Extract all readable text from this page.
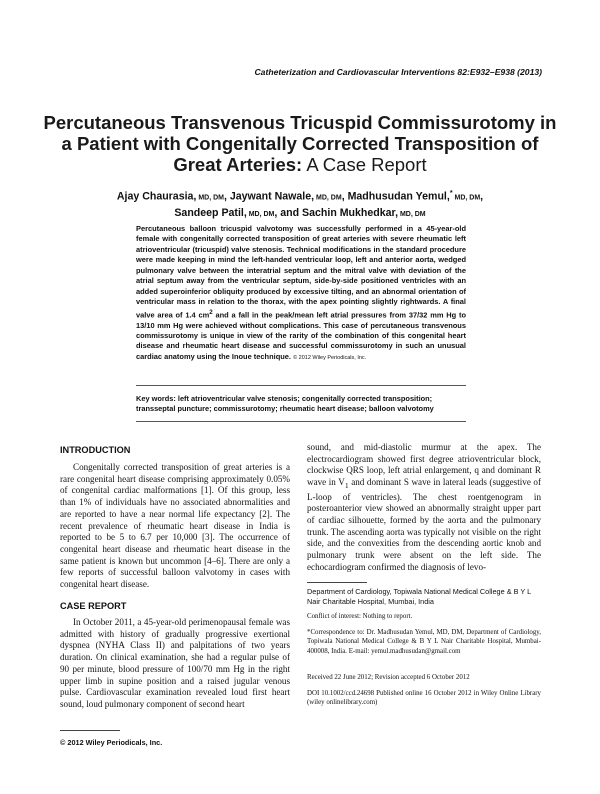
Catheterization and Cardiovascular Interventions 82:E932–E938 (2013)
Percutaneous Transvenous Tricuspid Commissurotomy in a Patient with Congenitally Corrected Transposition of Great Arteries: A Case Report
Ajay Chaurasia, MD, DM, Jaywant Nawale, MD, DM, Madhusudan Yemul,* MD, DM,
Sandeep Patil, MD, DM, and Sachin Mukhedkar, MD, DM
Percutaneous balloon tricuspid valvotomy was successfully performed in a 45-year-old female with congenitally corrected transposition of great arteries with severe rheumatic left atrioventricular (tricuspid) valve stenosis. Technical modifications in the standard procedure were made keeping in mind the left-handed ventricular loop, left and anterior aorta, wedged pulmonary valve between the interatrial septum and the mitral valve with deviation of the atrial septum away from the ventricular septum, side-by-side positioned ventricles with an added superoinferior obliquity produced by excessive tilting, and an abnormal orientation of ventricular mass in relation to the thorax, with the apex pointing slightly rightwards. A final valve area of 1.4 $cm^2$ and a fall in the peak/mean left atrial pressures from 37/32 mm Hg to 13/10 mm Hg were achieved without complications. This case of percutaneous transvenous commissurotomy is unique in view of the rarity of the combination of this congenital heart disease and rheumatic heart disease and successful commissurotomy in such an unusual cardiac anatomy using the Inoue technique. © 2012 Wiley Periodicals, Inc.
Key words: left atrioventricular valve stenosis; congenitally corrected transposition; transseptal puncture; commissurotomy; rheumatic heart disease; balloon valvotomy
INTRODUCTION

Congenitally corrected transposition of great arteries is a rare congenital heart disease comprising approximately 0.05% of congenital cardiac malformations [1]. Of this group, less than 1% of individuals have no associated abnormalities and are reported to have a near normal life expectancy [2]. The recent prevalence of rheumatic heart disease in India is reported to be 5 to 6.7 per 10,000 [3]. The occurrence of congenital heart disease and rheumatic heart disease in the same patient is known but uncommon [4–6]. There are only a few reports of successful balloon valvotomy in cases with congenital heart disease.

CASE REPORT

In October 2011, a 45-year-old perimenopausal female was admitted with history of gradually progressive exertional dyspnea (NYHA Class II) and palpitations of two years duration. On clinical examination, she had a regular pulse of 90 per minute, blood pressure of 100/70 mm Hg in the right upper limb in supine position and a raised jugular venous pulse. Cardiovascular examination revealed loud first heart sound, loud pulmonary component of second heart

sound, and mid-diastolic murmur at the apex. The electrocardiogram showed first degree atrioventricular block, clockwise QRS loop, left atrial enlargement, q and dominant R wave in $V_1$ and dominant S wave in lateral leads (suggestive of L-loop of ventricles). The chest roentgenogram in posteroanterior view showed an abnormally straight upper part of cardiac silhouette, formed by the aorta and the pulmonary trunk. The ascending aorta was typically not visible on the right side, and the convexities from the descending aortic knob and pulmonary trunk were absent on the left side. The echocardiogram confirmed the diagnosis of levo-

Department of Cardiology, Topiwala National Medical College & B Y L Nair Charitable Hospital, Mumbai, India
Conflict of interest: Nothing to report.
*Correspondence to: Dr. Madhusudan Yemul, MD, DM, Department of Cardiology, Topiwala National Medical College & B Y L Nair Charitable Hospital, Mumbai-400008, India. E-mail: yemul.madhusudan@gmail.com
Received 22 June 2012; Revision accepted 6 October 2012
DOI 10.1002/ccd.24698 Published online 16 October 2012 in Wiley Online Library (wiley onlinelibrary.com)
© 2012 Wiley Periodicals, Inc.
